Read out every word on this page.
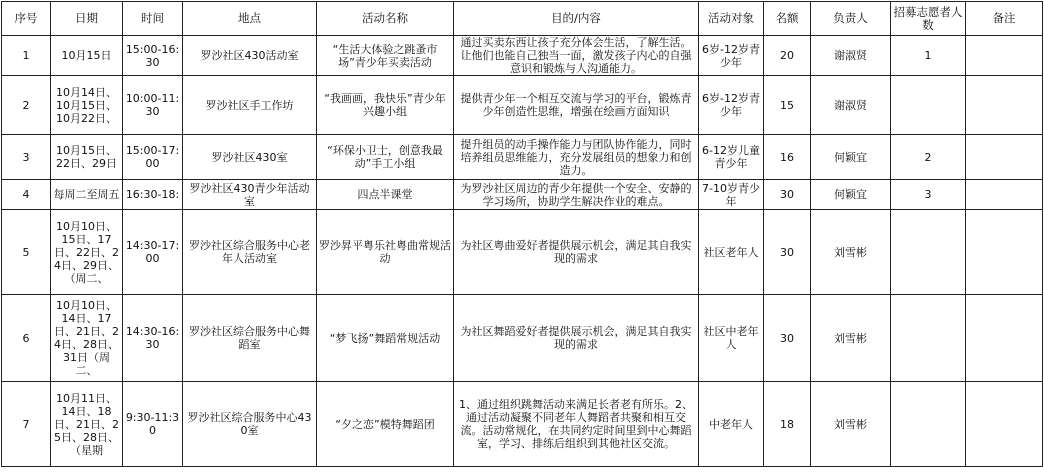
序号	日期	时间	地点	活动名称	目的/内容	活动对象	名额	负责人	招募志愿者人数	备注
1	10月15日	15:00-16:30	罗沙社区430活动室	“生活大体验之跳蚤市场”青少年买卖活动	通过买卖东西让孩子充分体会生活，了解生活。让他们也能自己独当一面，激发孩子内心的自强意识和锻炼与人沟通能力。	6岁-12岁青少年	20	谢淑贤	1	
2	10月14日、10月15日、10月22日、	10:00-11:30	罗沙社区手工作坊	“我画画，我快乐”青少年兴趣小组	提供青少年一个相互交流与学习的平台，锻炼青少年创造性思维，增强在绘画方面知识	6岁-12岁青少年	15	谢淑贤		
3	10月15日、22日、29日	15:00-17:00	罗沙社区430室	“环保小卫士，创意我最动”手工小组	提升组员的动手操作能力与团队协作能力，同时培养组员思维能力，充分发展组员的想象力和创造力。	6-12岁儿童青少年	16	何颖宜	2	
4	每周二至周五	16:30-18:	罗沙社区430青少年活动室	四点半课堂	为罗沙社区周边的青少年提供一个安全、安静的学习场所，协助学生解决作业的难点。	7-10岁青少年	30	何颖宜	3	
5	10月10日、15日、17日、22日、24日、29日、（周二、	14:30-17:00	罗沙社区综合服务中心老年人活动室	罗沙昇平粤乐社粤曲常规活动	为社区粤曲爱好者提供展示机会，满足其自我实现的需求	社区老年人	30	刘雪彬		
6	10月10日、14日、17日、21日、24日、28日、31日（周二、	14:30-16:30	罗沙社区综合服务中心舞蹈室	“梦飞扬”舞蹈常规活动	为社区舞蹈爱好者提供展示机会，满足其自我实现的需求	社区中老年人	30	刘雪彬		
7	10月11日、14日、18日、21日、25日、28日、（星期	9:30-11:30	罗沙社区综合服务中心430室	“夕之恋”模特舞蹈团	1、通过组织跳舞活动来满足长者老有所乐。2、通过活动凝聚不同老年人舞蹈者共聚和相互交流。活动常规化，在共同约定时间里到中心舞蹈室，学习、排练后组织到其他社区交流。	中老年人	18	刘雪彬		
